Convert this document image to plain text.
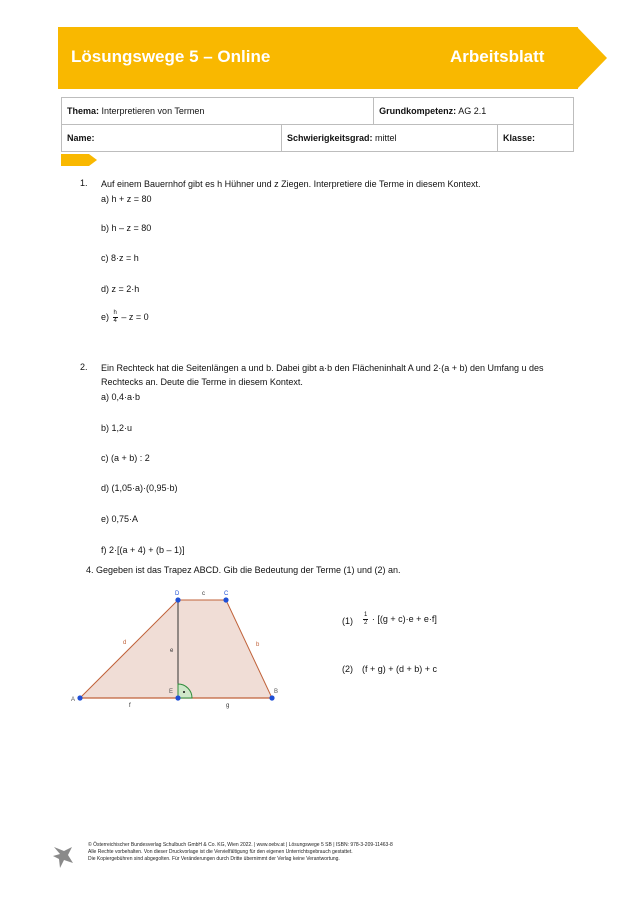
Lösungswege 5 – Online	Arbeitsblatt
Thema: Interpretieren von Termen		Grundkompetenz: AG 2.1	
Name:	Schwierigkeitsgrad: mittel		Klasse:
1. Auf einem Bauernhof gibt es h Hühner und z Ziegen. Interpretiere die Terme in diesem Kontext.
a) h + z = 80
b) h – z = 80
c) 8·z = h
d) z = 2·h
$e) \frac{h}{4} - z = 0$
2. Ein Rechteck hat die Seitenlängen a und b. Dabei gibt a·b den Flächeninhalt A und 2·(a + b) den Umfang u des
Rechtecks an. Deute die Terme in diesem Kontext.
a) 0,4·a·b
b) 1,2·u
c) (a + b) : 2
d) (1,05·a)·(0,95·b)
e) 0,75·A
f) 2·[(a + 4) + (b – 1)]
4. Gegeben ist das Trapez ABCD. Gib die Bedeutung der Terme (1) und (2) an.
D	C
A
E	B
c
d	b
e
f	g
$(1) \frac{1}{2} \cdot [(g + c)\cdot e + e\cdot f]$
(2) (f + g) + (d + b) + c
© Österreichischer Bundesverlag Schulbuch GmbH & Co. KG, Wien 2022. | www.oebv.at | Lösungswege 5 SB | ISBN: 978-3-209-11463-8
Alle Rechte vorbehalten. Von dieser Druckvorlage ist die Vervielfältigung für den eigenen Unterrichtsgebrauch gestattet.
Die Kopiergebühren sind abgegolten. Für Veränderungen durch Dritte übernimmt der Verlag keine Verantwortung.
